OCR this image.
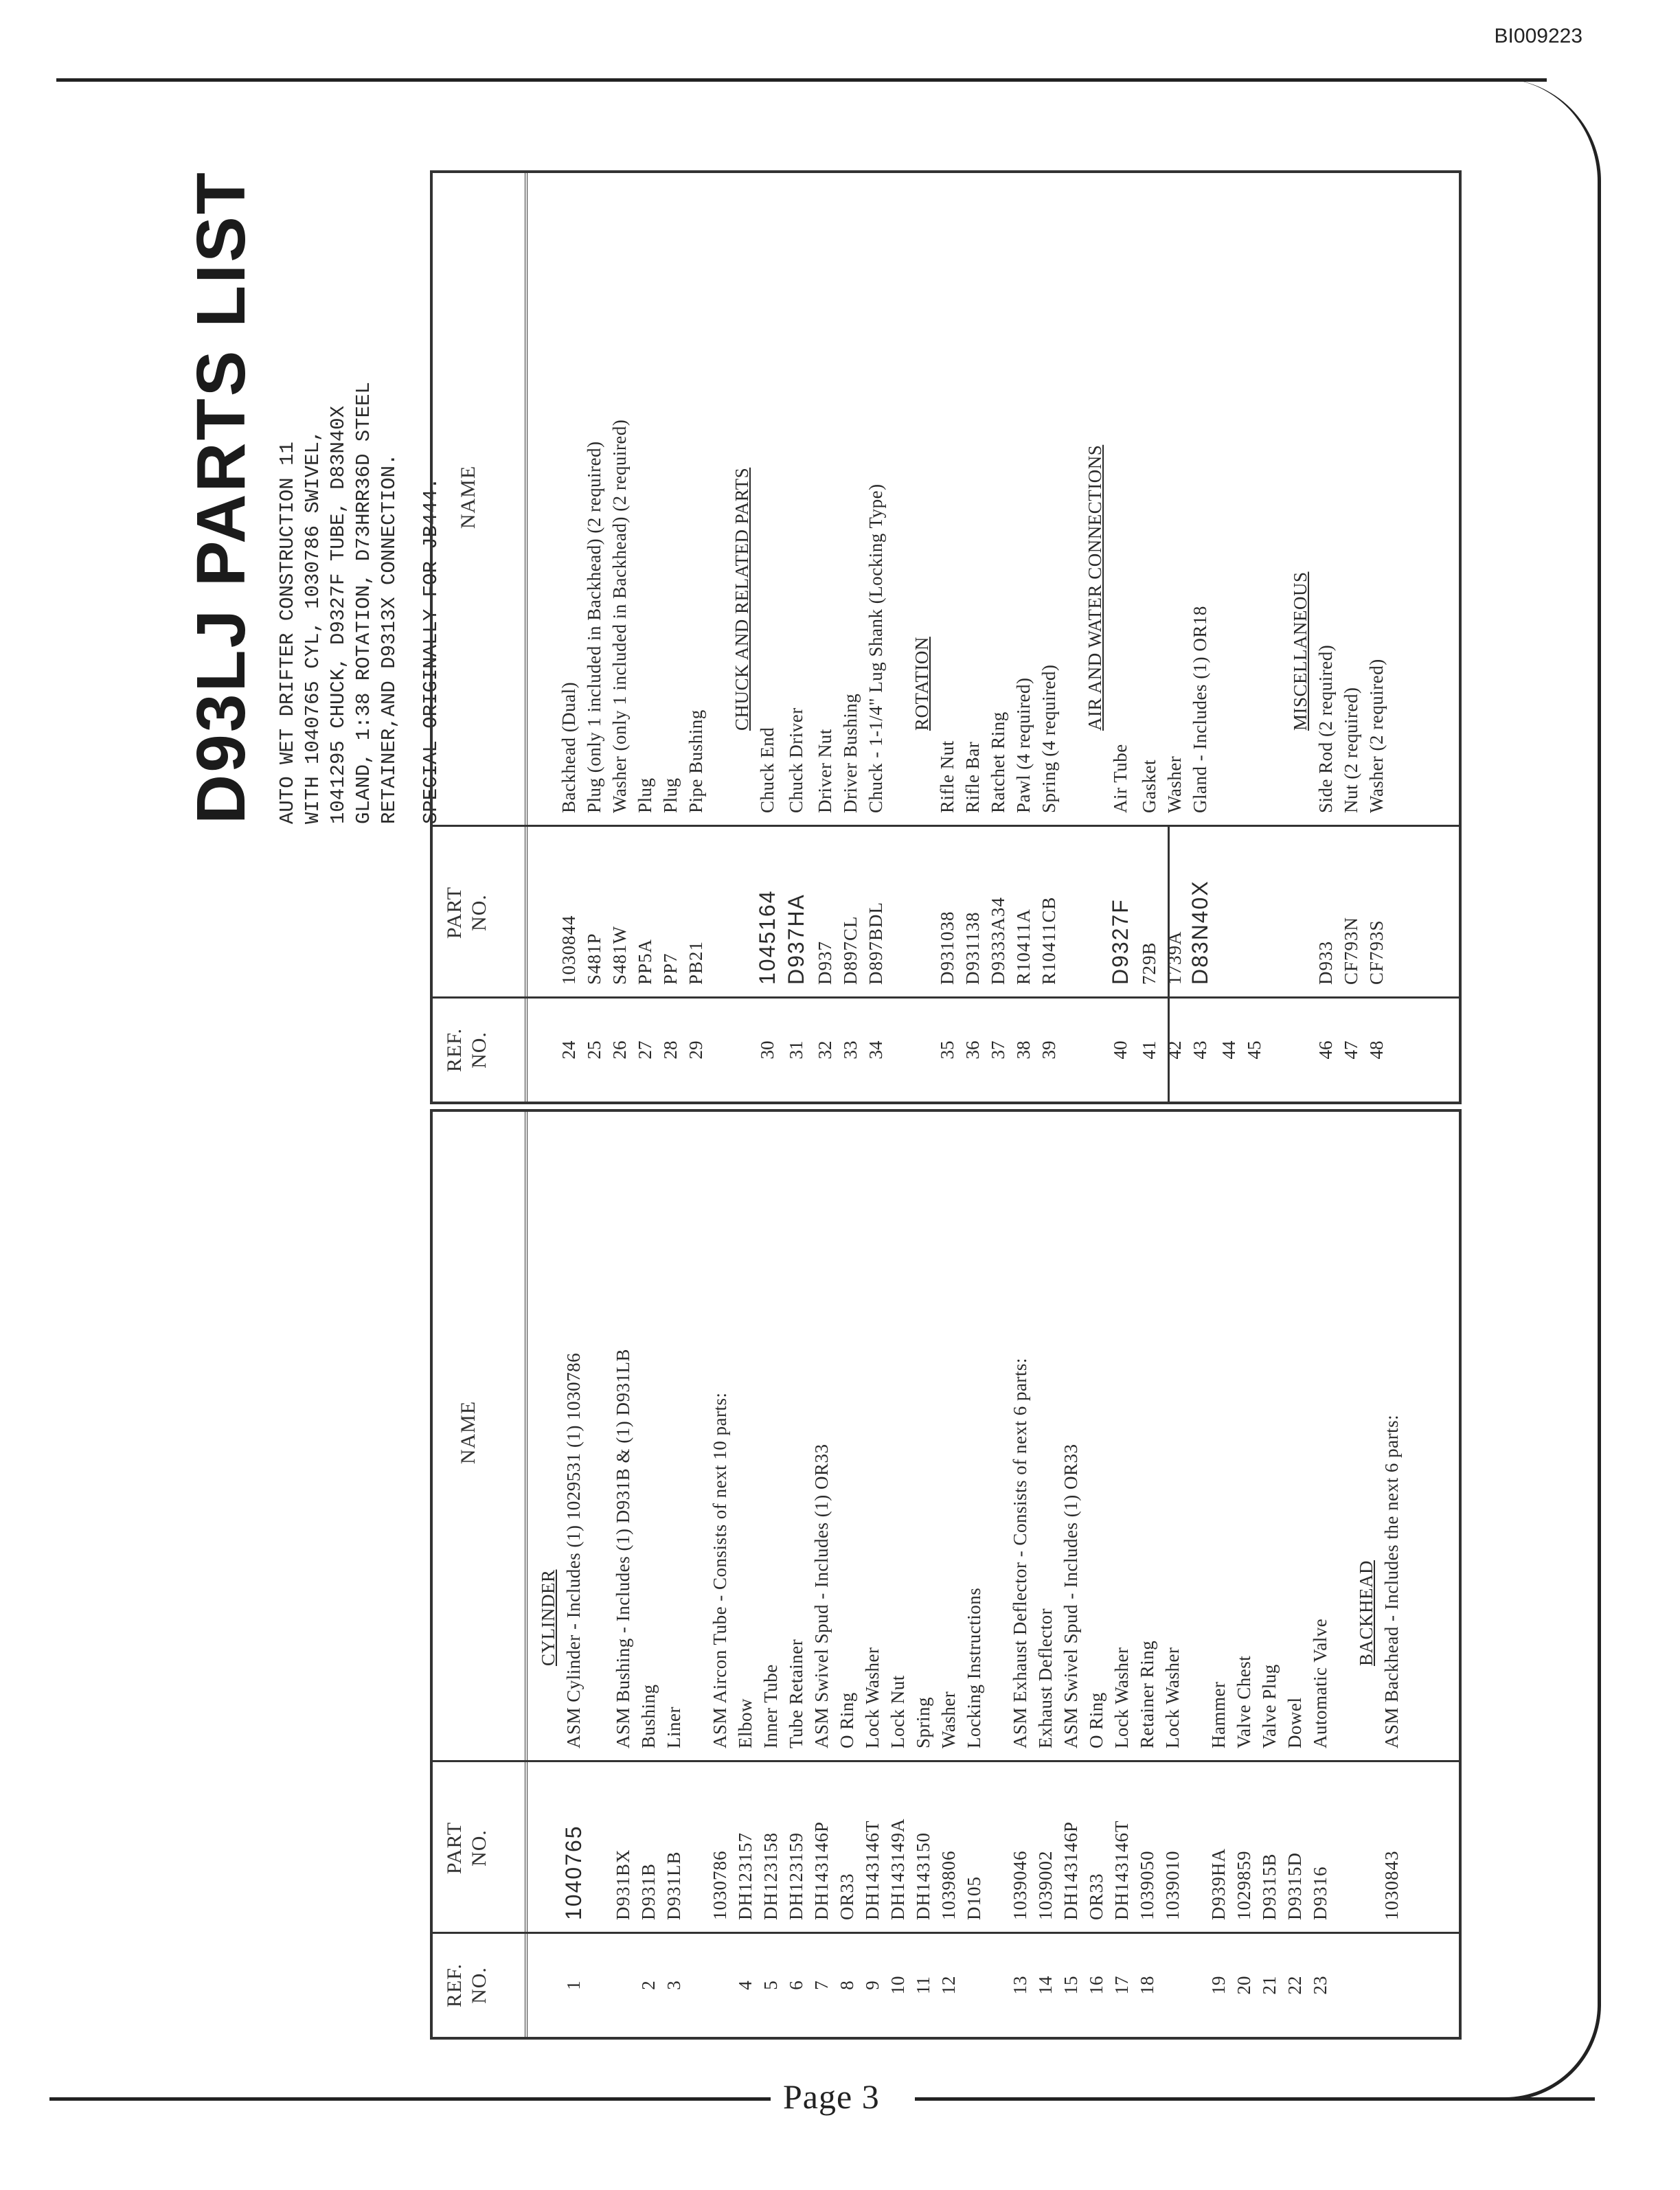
BI009223
Page 3
D93LJ PARTS LIST AUTO WET DRIFTER CONSTRUCTION 11 WITH 1040765 CYL, 1030786 SWIVEL, 1041295 CHUCK, D9327F TUBE, D83N40X GLAND, 1:38 ROTATION, D73HRR36D STEEL RETAINER,AND D9313X CONNECTION. SPECIAL ORIGINALLY FOR JB444.
REF. NO.
PART NO.
NAME
CYLINDER
1
1040765
ASM Cylinder - Includes (1) 1029531 (1) 1030786
D931BX
ASM Bushing - Includes (1) D931B & (1) D931LB
2
D931B
Bushing
3
D931LB
Liner
1030786
ASM Aircon Tube - Consists of next 10 parts:
4
DH123157
Elbow
5
DH123158
Inner Tube
6
DH123159
Tube Retainer
7
DH143146P
ASM Swivel Spud - Includes (1) OR33
8
OR33
O Ring
9
DH143146T
Lock Washer
10
DH143149A
Lock Nut
11
DH143150
Spring
12
1039806
Washer
D105
Locking Instructions
13
1039046
ASM Exhaust Deflector - Consists of next 6 parts:
14
1039002
Exhaust Deflector
15
DH143146P
ASM Swivel Spud - Includes (1) OR33
16
OR33
O Ring
17
DH143146T
Lock Washer
18
1039050
Retainer Ring
1039010
Lock Washer
19
D939HA
Hammer
20
1029859
Valve Chest
21
D9315B
Valve Plug
22
D9315D
Dowel
23
D9316
Automatic Valve
BACKHEAD
1030843
ASM Backhead - Includes the next 6 parts:
REF. NO.
PART NO.
NAME
24
1030844
Backhead (Dual)
25
S481P
Plug (only 1 included in Backhead) (2 required)
26
S481W
Washer (only 1 included in Backhead) (2 required)
27
PP5A
Plug
28
PP7
Plug
29
PB21
Pipe Bushing
CHUCK AND RELATED PARTS
30
1045164
Chuck End
31
D937HA
Chuck Driver
32
D937
Driver Nut
33
D897CL
Driver Bushing
34
D897BDL
Chuck - 1-1/4" Lug Shank (Locking Type) ROTATION
35
D931038
Rifle Nut
36
D931138
Rifle Bar
37
D9333A34
Ratchet Ring
38
R10411A
Pawl (4 required)
39
R10411CB
Spring (4 required)
AIR AND WATER CONNECTIONS
40
D9327F
Air Tube
41
729B
Gasket
42
1739A
Washer
43
D83N40X
Gland - Includes (1) OR18
44 45
MISCELLANEOUS
46
D933
Side Rod (2 required)
47
CF793N
Nut (2 required)
48
CF793S
Washer (2 required)
